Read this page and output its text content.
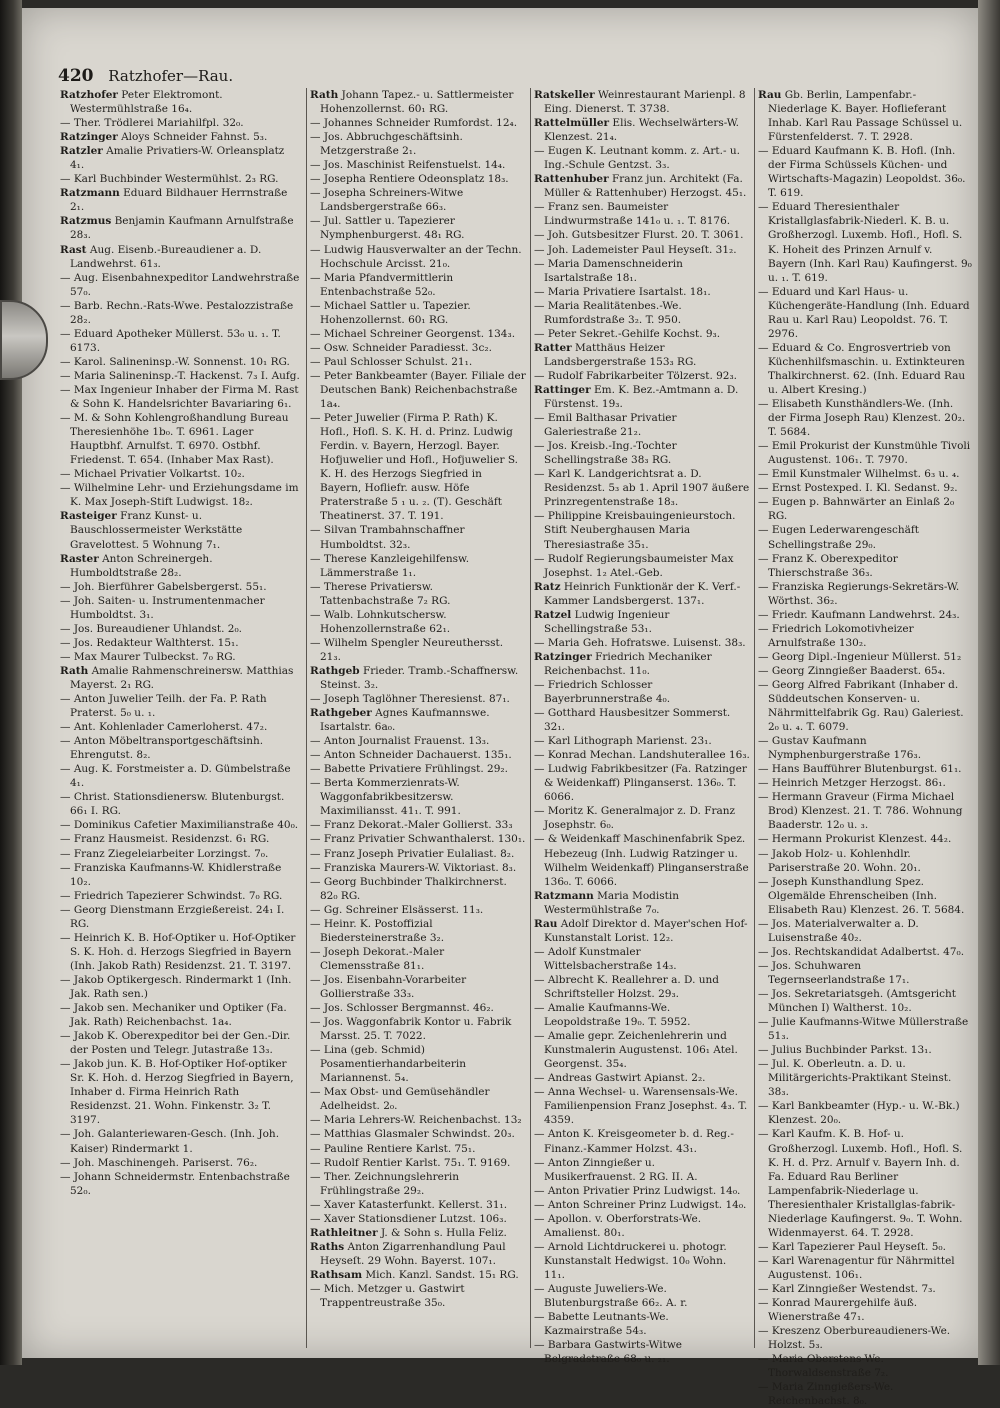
420 Ratzhofer—Rau.
Ratzhofer Peter Elektromont. Westermühlstraße 16₄.
— Ther. Trödlerei Mariahilfpl. 32₀.
Ratzinger Aloys Schneider Fahnst. 5₃.
Ratzler Amalie Privatiers-W. Orleansplatz 4₁.
— Karl Buchbinder Westermühlst. 2₃ RG.
Ratzmann Eduard Bildhauer Herrnstraße 2₁.
Ratzmus Benjamin Kaufmann Arnulfstraße 28₃.
Rast Aug. Eisenb.-Bureaudiener a. D. Landwehrst. 61₃.
— Aug. Eisenbahnexpeditor Landwehrstraße 57₀.
— Barb. Rechn.-Rats-Wwe. Pestalozzistraße 28₂.
— Eduard Apotheker Müllerst. 53₀ u. ₁. T. 6173.
— Karol. Salineninsp.-W. Sonnenst. 10₁ RG.
— Maria Salineninsp.-T. Hackenst. 7₃ I. Aufg.
— Max Ingenieur Inhaber der Firma M. Rast & Sohn K. Handelsrichter Bavariaring 6₁.
— M. & Sohn Kohlengroßhandlung Bureau Theresienhöhe 1b₀. T. 6961. Lager Hauptbhf. Arnulfst. T. 6970. Ostbhf. Friedenst. T. 654. (Inhaber Max Rast).
— Michael Privatier Volkartst. 10₂.
— Wilhelmine Lehr- und Erziehungsdame im K. Max Joseph-Stift Ludwigst. 18₂.
Rasteiger Franz Kunst- u. Bauschlossermeister Werkstätte Gravelottest. 5 Wohnung 7₁.
Raster Anton Schreinergeh. Humboldtstraße 28₂.
— Joh. Bierführer Gabelsbergerst. 55₁.
— Joh. Saiten- u. Instrumentenmacher Humboldtst. 3₁.
— Jos. Bureaudiener Uhlandst. 2₀.
— Jos. Redakteur Walthterst. 15₁.
— Max Maurer Tulbeckst. 7₀ RG.
Rath Amalie Rahmenschreinersw. Matthias Mayerst. 2₁ RG.
— Anton Juwelier Teilh. der Fa. P. Rath Praterst. 5₀ u. ₁.
— Ant. Kohlenlader Camerloherst. 47₂.
— Anton Möbeltransportgeschäftsinh. Ehrengutst. 8₂.
— Aug. K. Forstmeister a. D. Gümbelstraße 4₁.
— Christ. Stationsdienersw. Blutenburgst. 66₁ I. RG.
— Dominikus Cafetier Maximilianstraße 40₀.
— Franz Hausmeist. Residenzst. 6₁ RG.
— Franz Ziegeleiarbeiter Lorzingst. 7₀.
— Franziska Kaufmanns-W. Khidlerstraße 10₂.
— Friedrich Tapezierer Schwindst. 7₀ RG.
— Georg Dienstmann Erzgießereist. 24₁ I. RG.
— Heinrich K. B. Hof-Optiker u. Hof-Optiker S. K. Hoh. d. Herzogs Siegfried in Bayern (Inh. Jakob Rath) Residenzst. 21. T. 3197.
— Jakob Optikergesch. Rindermarkt 1 (Inh. Jak. Rath sen.)
— Jakob sen. Mechaniker und Optiker (Fa. Jak. Rath) Reichenbachst. 1a₄.
— Jakob K. Oberexpeditor bei der Gen.-Dir. der Posten und Telegr. Jutastraße 13₃.
— Jakob jun. K. B. Hof-Optiker Hof-optiker Sr. K. Hoh. d. Herzog Siegfried in Bayern, Inhaber d. Firma Heinrich Rath Residenzst. 21. Wohn. Finkenstr. 3₂ T. 3197.
— Joh. Galanteriewaren-Gesch. (Inh. Joh. Kaiser) Rindermarkt 1.
— Joh. Maschinengeh. Pariserst. 76₂.
— Johann Schneidermstr. Entenbachstraße 52₀.
Rath Johann Tapez.- u. Sattlermeister Hohenzollernst. 60₁ RG.
— Johannes Schneider Rumfordst. 12₄.
— Jos. Abbruchgeschäftsinh. Metzgerstraße 2₁.
— Jos. Maschinist Reifenstuelst. 14₄.
— Josepha Rentiere Odeonsplatz 18₃.
— Josepha Schreiners-Witwe Landsbergerstraße 66₃.
— Jul. Sattler u. Tapezierer Nymphenburgerst. 48₁ RG.
— Ludwig Hausverwalter an der Techn. Hochschule Arcisst. 21₀.
— Maria Pfandvermittlerin Entenbachstraße 52₀.
— Michael Sattler u. Tapezier. Hohenzollernst. 60₁ RG.
— Michael Schreiner Georgenst. 134₃.
— Osw. Schneider Paradiesst. 3c₂.
— Paul Schlosser Schulst. 21₁.
— Peter Bankbeamter (Bayer. Filiale der Deutschen Bank) Reichenbachstraße 1a₄.
— Peter Juwelier (Firma P. Rath) K. Hofl., Hofl. S. K. H. d. Prinz. Ludwig Ferdin. v. Bayern, Herzogl. Bayer. Hofjuwelier und Hofl., Hofjuwelier S. K. H. des Herzogs Siegfried in Bayern, Hofliefr. ausw. Höfe Praterstraße 5 ₁ u. ₂. (T). Geschäft Theatinerst. 37. T. 191.
— Silvan Trambahnschaffner Humboldtst. 32₃.
— Therese Kanzleigehilfensw. Lämmerstraße 1₁.
— Therese Privatiersw. Tattenbachstraße 7₂ RG.
— Walb. Lohnkutschersw. Hohenzollernstraße 62₁.
— Wilhelm Spengler Neureuthersst. 21₃.
Rathgeb Frieder. Tramb.-Schaffnersw. Steinst. 3₂.
— Joseph Taglöhner Theresienst. 87₁.
Rathgeber Agnes Kaufmannswe. Isartalstr. 6a₀.
— Anton Journalist Frauenst. 13₃.
— Anton Schneider Dachauerst. 135₁.
— Babette Privatiere Frühlingst. 29₂.
— Berta Kommerzienrats-W. Waggonfabrikbesitzersw. Maximiliansst. 41₁. T. 991.
— Franz Dekorat.-Maler Gollierst. 33₃
— Franz Privatier Schwanthalerst. 130₁.
— Franz Joseph Privatier Eulaliast. 8₂.
— Franziska Maurers-W. Viktoriast. 8₃.
— Georg Buchbinder Thalkirchnerst. 82₀ RG.
— Gg. Schreiner Elsässerst. 11₃.
— Heinr. K. Postoffizial Biedersteinerstraße 3₂.
— Joseph Dekorat.-Maler Clemensstraße 81₁.
— Jos. Eisenbahn-Vorarbeiter Gollierstraße 33₃.
— Jos. Schlosser Bergmannst. 46₂.
— Jos. Waggonfabrik Kontor u. Fabrik Marsst. 25. T. 7022.
— Lina (geb. Schmid) Posamentierhandarbeiterin Mariannenst. 5₄.
— Max Obst- und Gemüsehändler Adelheidst. 2₀.
— Maria Lehrers-W. Reichenbachst. 13₂
— Matthias Glasmaler Schwindst. 20₃.
— Pauline Rentiere Karlst. 75₁.
— Rudolf Rentier Karlst. 75₁. T. 9169.
— Ther. Zeichnungslehrerin Frühlingstraße 29₂.
— Xaver Katasterfunkt. Kellerst. 31₁.
— Xaver Stationsdiener Lutzst. 106₃.
Rathleitner J. & Sohn s. Hulla Feliz.
Raths Anton Zigarrenhandlung Paul Heyseſt. 29 Wohn. Bayerst. 107₁.
Rathsam Mich. Kanzl. Sandst. 15₁ RG.
— Mich. Metzger u. Gastwirt Trappentreustraße 35₀.
Ratskeller Weinrestaurant Marienpl. 8 Eing. Dienerst. T. 3738.
Rattelmüller Elis. Wechselwärters-W. Klenzest. 21₄.
— Eugen K. Leutnant komm. z. Art.- u. Ing.-Schule Gentzst. 3₃.
Rattenhuber Franz jun. Architekt (Fa. Müller & Rattenhuber) Herzogst. 45₁.
— Franz sen. Baumeister Lindwurmstraße 141₀ u. ₁. T. 8176.
— Joh. Gutsbesitzer Flurst. 20. T. 3061.
— Joh. Lademeister Paul Heyseſt. 31₂.
— Maria Damenschneiderin Isartalstraße 18₁.
— Maria Privatiere Isartalst. 18₁.
— Maria Realitätenbes.-We. Rumfordstraße 3₂. T. 950.
— Peter Sekret.-Gehilfe Kochst. 9₃.
Ratter Matthäus Heizer Landsbergerstraße 153₃ RG.
— Rudolf Fabrikarbeiter Tölzerst. 92₃.
Rattinger Em. K. Bez.-Amtmann a. D. Fürstenst. 19₃.
— Emil Balthasar Privatier Galeriestraße 21₂.
— Jos. Kreisb.-Ing.-Tochter Schellingstraße 38₃ RG.
— Karl K. Landgerichtsrat a. D. Residenzst. 5₃ ab 1. April 1907 äußere Prinzregentenstraße 18₃.
— Philippine Kreisbauingenieurstoch. Stift Neuberghausen Maria Theresiastraße 35₁.
— Rudolf Regierungsbaumeister Max Josephst. 1₂ Atel.-Geb.
Ratz Heinrich Funktionär der K. Verf.-Kammer Landsbergerst. 137₁.
Ratzel Ludwig Ingenieur Schellingstraße 53₁.
— Maria Geh. Hofratswe. Luisenst. 38₃.
Ratzinger Friedrich Mechaniker Reichenbachst. 11₀.
— Friedrich Schlosser Bayerbrunnerstraße 4₀.
— Gotthard Hausbesitzer Sommerst. 32₁.
— Karl Lithograph Marienst. 23₁.
— Konrad Mechan. Landshuterallee 16₃.
— Ludwig Fabrikbesitzer (Fa. Ratzinger & Weidenkaff) Plinganserst. 136₀. T. 6066.
— Moritz K. Generalmajor z. D. Franz Josephstr. 6₀.
— & Weidenkaff Maschinenfabrik Spez. Hebezeug (Inh. Ludwig Ratzinger u. Wilhelm Weidenkaff) Plinganserstraße 136₀. T. 6066.
Ratzmann Maria Modistin Westermühlstraße 7₀.
Rau Adolf Direktor d. Mayer'schen Hof-Kunstanstalt Lorist. 12₂.
— Adolf Kunstmaler Wittelsbacherstraße 14₃.
— Albrecht K. Reallehrer a. D. und Schriftsteller Holzst. 29₃.
— Amalie Kaufmanns-We. Leopoldstraße 19₀. T. 5952.
— Amalie gepr. Zeichenlehrerin und Kunstmalerin Augustenst. 106₁ Atel. Georgenst. 35₄.
— Andreas Gastwirt Apianst. 2₂.
— Anna Wechsel- u. Warensensals-We. Familienpension Franz Josephst. 4₃. T. 4359.
— Anton K. Kreisgeometer b. d. Reg.-Finanz.-Kammer Holzst. 43₁.
— Anton Zinngießer u. Musikerfrauenst. 2 RG. II. A.
— Anton Privatier Prinz Ludwigst. 14₀.
— Anton Schreiner Prinz Ludwigst. 14₀.
— Apollon. v. Oberforstrats-We. Amalienst. 80₁.
— Arnold Lichtdruckerei u. photogr. Kunstanstalt Hedwigst. 10₀ Wohn. 11₁.
— Auguste Juweliers-We. Blutenburgstraße 66₂. A. r.
— Babette Leutnants-We. Kazmairstraße 54₃.
— Barbara Gastwirts-Witwe Belgradstraße 68₀ u. ₂₁.
Rau Gb. Berlin, Lampenfabr.-Niederlage K. Bayer. Hoflieferant Inhab. Karl Rau Passage Schüssel u. Fürstenfelderst. 7. T. 2928.
— Eduard Kaufmann K. B. Hofl. (Inh. der Firma Schüssels Küchen- und Wirtschafts-Magazin) Leopoldst. 36₀. T. 619.
— Eduard Theresienthaler Kristallglasfabrik-Niederl. K. B. u. Großherzogl. Luxemb. Hofl., Hofl. S. K. Hoheit des Prinzen Arnulf v. Bayern (Inh. Karl Rau) Kaufingerst. 9₀ u. ₁. T. 619.
— Eduard und Karl Haus- u. Küchengeräte-Handlung (Inh. Eduard Rau u. Karl Rau) Leopoldst. 76. T. 2976.
— Eduard & Co. Engrosvertrieb von Küchenhilfsmaschin. u. Extinkteuren Thalkirchnerst. 62. (Inh. Eduard Rau u. Albert Kresing.)
— Elisabeth Kunsthändlers-We. (Inh. der Firma Joseph Rau) Klenzest. 20₂. T. 5684.
— Emil Prokurist der Kunstmühle Tivoli Augustenst. 106₁. T. 7970.
— Emil Kunstmaler Wilhelmst. 6₃ u. ₄.
— Ernst Postexped. I. Kl. Sedanst. 9₂.
— Eugen p. Bahnwärter an Einlaß 2₀ RG.
— Eugen Lederwarengeschäft Schellingstraße 29₀.
— Franz K. Oberexpeditor Thierschstraße 36₃.
— Franziska Regierungs-Sekretärs-W. Wörthst. 36₂.
— Friedr. Kaufmann Landwehrst. 24₃.
— Friedrich Lokomotivheizer Arnulfstraße 130₂.
— Georg Dipl.-Ingenieur Müllerst. 51₂
— Georg Zinngießer Baaderst. 65₄.
— Georg Alfred Fabrikant (Inhaber d. Süddeutschen Konserven- u. Nährmittelfabrik Gg. Rau) Galeriest. 2₀ u. ₄. T. 6079.
— Gustav Kaufmann Nymphenburgerstraße 176₃.
— Hans Baufführer Blutenburgst. 61₁.
— Heinrich Metzger Herzogst. 86₁.
— Hermann Graveur (Firma Michael Brod) Klenzest. 21. T. 786. Wohnung Baaderstr. 12₀ u. ₃.
— Hermann Prokurist Klenzest. 44₂.
— Jakob Holz- u. Kohlenhdlr. Pariserstraße 20. Wohn. 20₁.
— Joseph Kunsthandlung Spez. Olgemälde Ehrenscheiben (Inh. Elisabeth Rau) Klenzest. 26. T. 5684.
— Jos. Materialverwalter a. D. Luisenstraße 40₂.
— Jos. Rechtskandidat Adalbertst. 47₀.
— Jos. Schuhwaren Tegernseerlandstraße 17₁.
— Jos. Sekretariatsgeh. (Amtsgericht München I) Waltherst. 10₂.
— Julie Kaufmanns-Witwe Müllerstraße 51₃.
— Julius Buchbinder Parkst. 13₁.
— Jul. K. Oberleutn. a. D. u. Militärgerichts-Praktikant Steinst. 38₃.
— Karl Bankbeamter (Hyp.- u. W.-Bk.) Klenzest. 20₀.
— Karl Kaufm. K. B. Hof- u. Großherzogl. Luxemb. Hofl., Hofl. S. K. H. d. Prz. Arnulf v. Bayern Inh. d. Fa. Eduard Rau Berliner Lampenfabrik-Niederlage u. Theresienthaler Kristallglas-fabrik-Niederlage Kaufingerst. 9₀. T. Wohn. Widenmayerst. 64. T. 2928.
— Karl Tapezierer Paul Heyseſt. 5₀.
— Karl Warenagentur für Nährmittel Augustenst. 106₁.
— Karl Zinngießer Westendst. 7₃.
— Konrad Maurergehilfe äuß. Wienerstraße 47₁.
— Kreszenz Oberbureaudieners-We. Holzst. 5₃.
— Maria Oberstens-We. Thorwaldsenstraße 7₂.
— Maria Zinngießers-We. Reichenbachst. 8₀.
